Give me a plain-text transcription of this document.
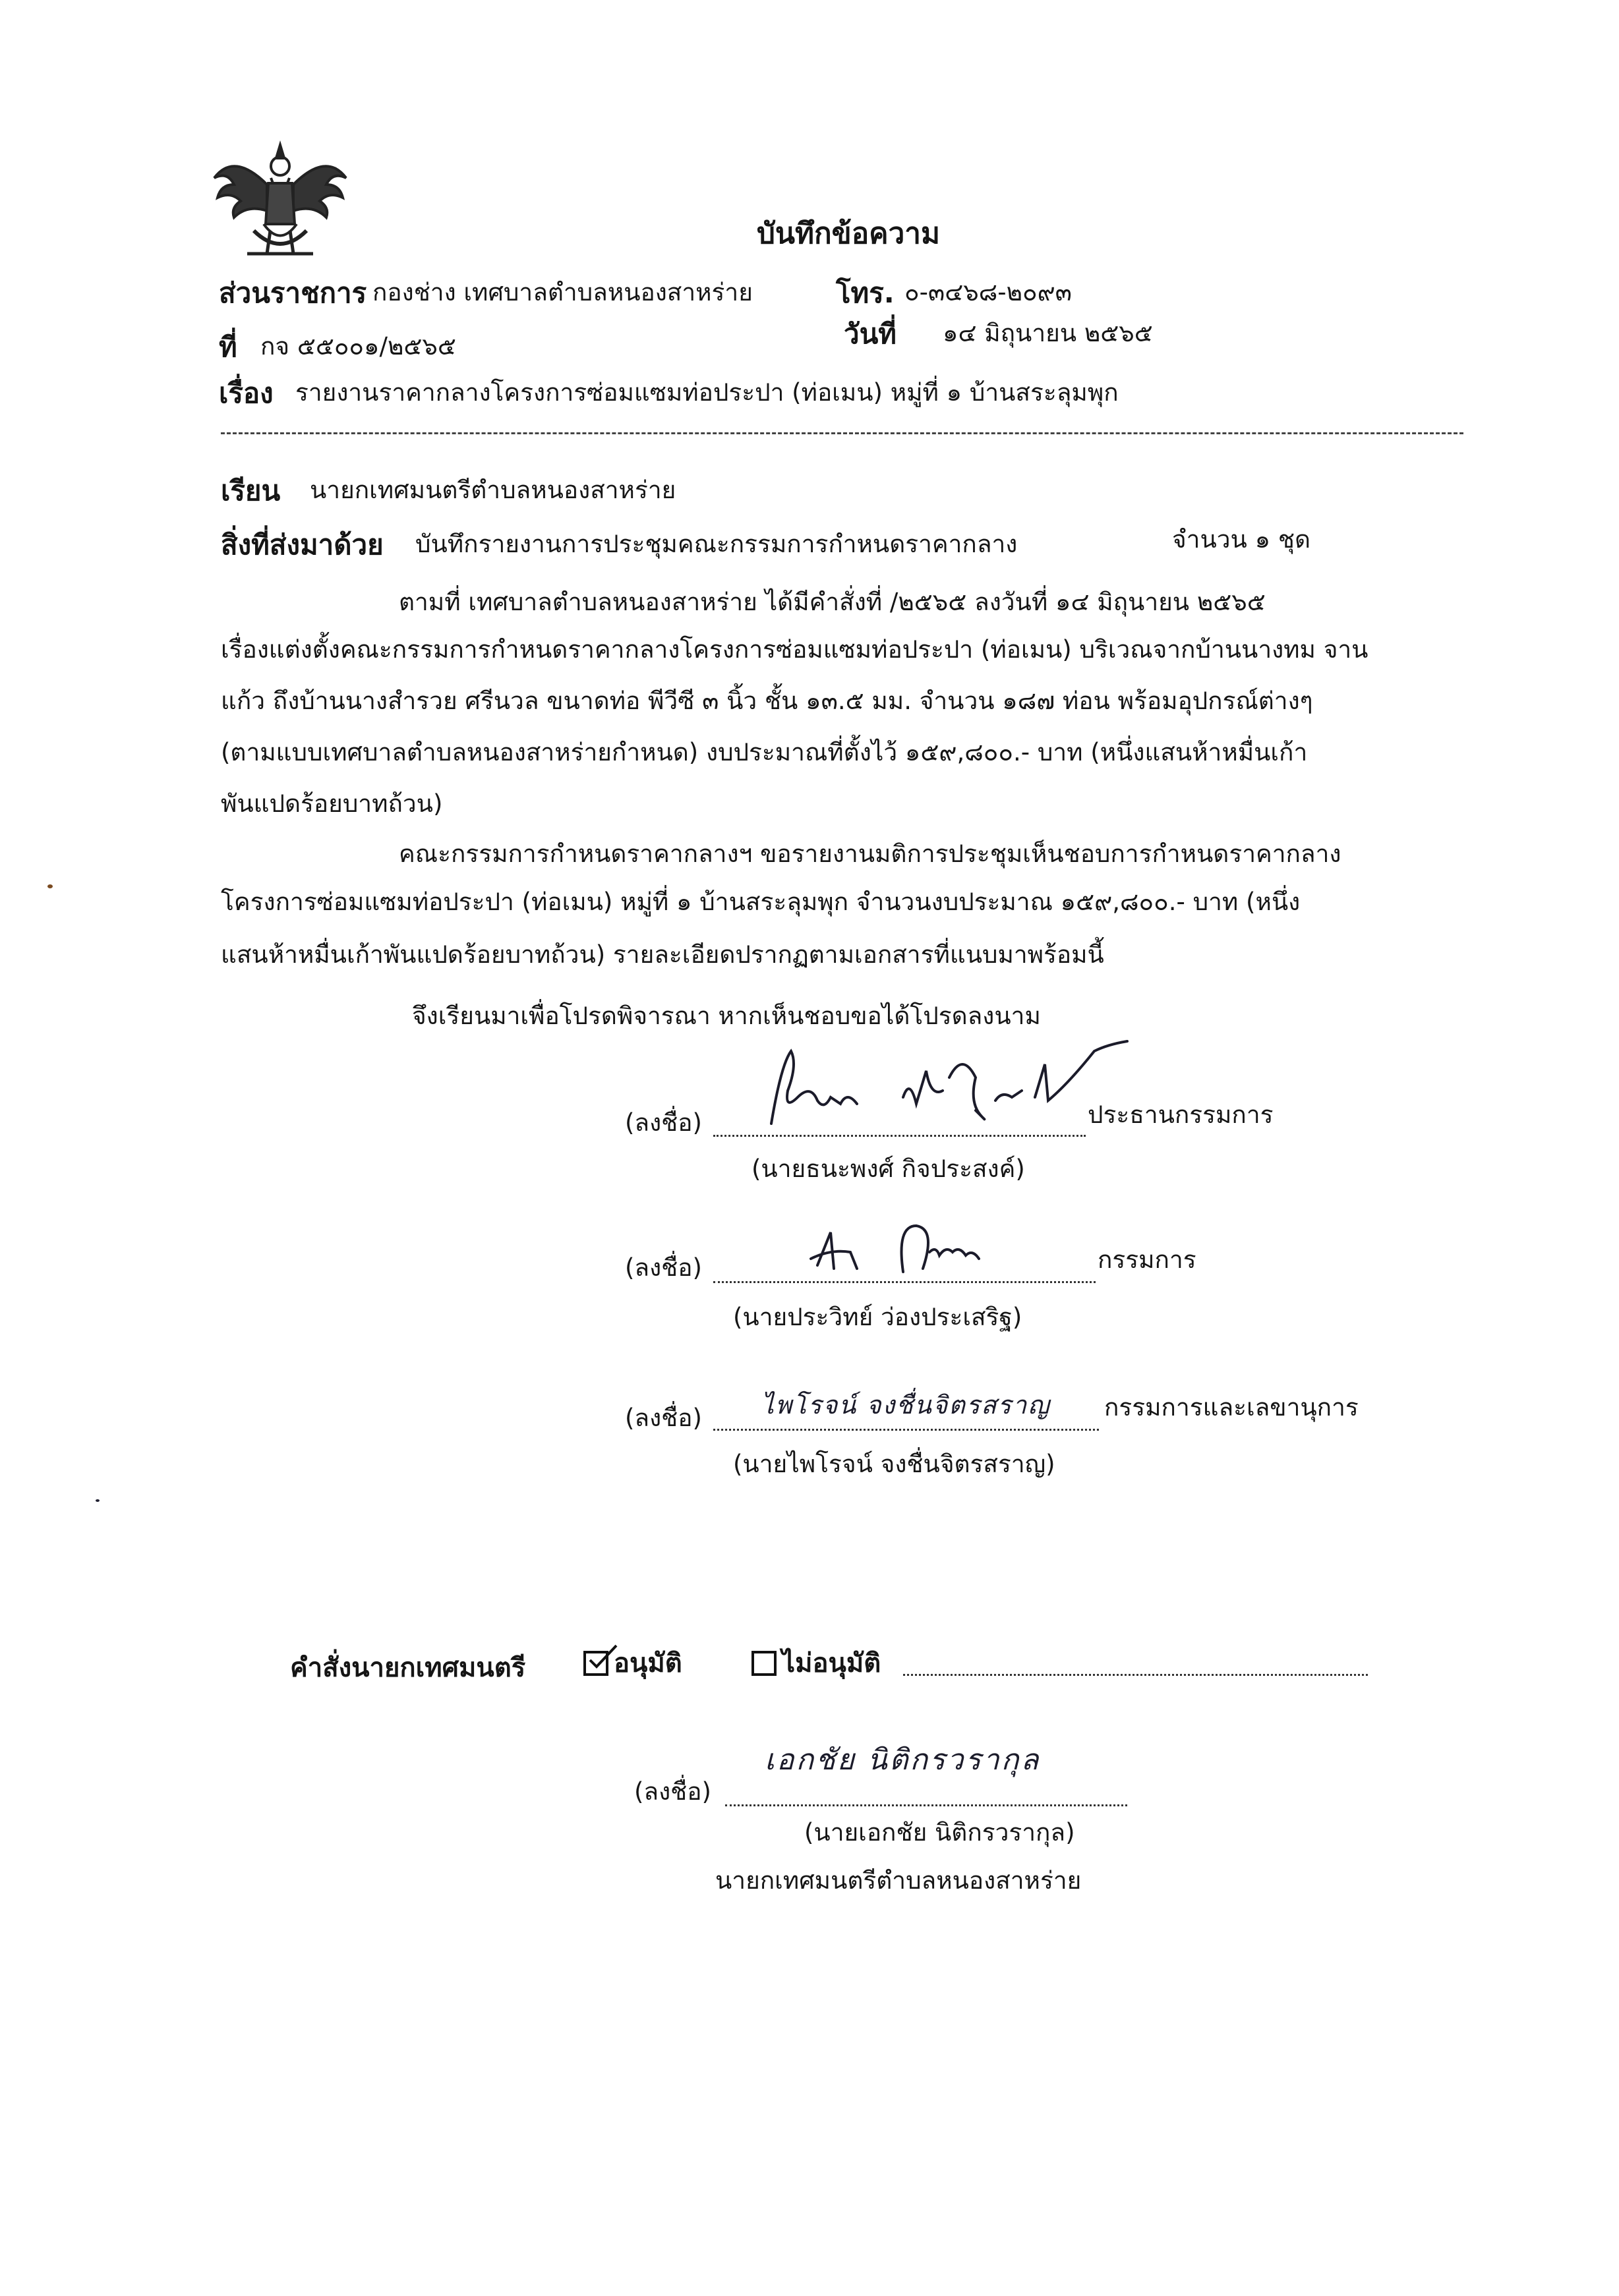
บันทึกข้อความ
ส่วนราชการ กองช่าง เทศบาลตำบลหนองสาหร่าย	โทร. ๐-๓๔๖๘-๒๐๙๓
ที่ กจ ๕๕๐๐๑/๒๕๖๕	วันที่ ๑๔ มิถุนายน ๒๕๖๕
เรื่อง รายงานราคากลางโครงการซ่อมแซมท่อประปา (ท่อเมน) หมู่ที่ ๑ บ้านสระลุมพุก
เรียน นายกเทศมนตรีตำบลหนองสาหร่าย
สิ่งที่ส่งมาด้วย บันทึกรายงานการประชุมคณะกรรมการกำหนดราคากลาง	จำนวน ๑ ชุด
ตามที่ เทศบาลตำบลหนองสาหร่าย ได้มีคำสั่งที่ /๒๕๖๕ ลงวันที่ ๑๔ มิถุนายน ๒๕๖๕
เรื่องแต่งตั้งคณะกรรมการกำหนดราคากลางโครงการซ่อมแซมท่อประปา (ท่อเมน) บริเวณจากบ้านนางทม จาน
แก้ว ถึงบ้านนางสำรวย ศรีนวล ขนาดท่อ พีวีซี ๓ นิ้ว ชั้น ๑๓.๕ มม. จำนวน ๑๘๗ ท่อน พร้อมอุปกรณ์ต่างๆ
(ตามแบบเทศบาลตำบลหนองสาหร่ายกำหนด) งบประมาณที่ตั้งไว้ ๑๕๙,๘๐๐.- บาท (หนึ่งแสนห้าหมื่นเก้า
พันแปดร้อยบาทถ้วน)
คณะกรรมการกำหนดราคากลางฯ ขอรายงานมติการประชุมเห็นชอบการกำหนดราคากลาง
โครงการซ่อมแซมท่อประปา (ท่อเมน) หมู่ที่ ๑ บ้านสระลุมพุก จำนวนงบประมาณ ๑๕๙,๘๐๐.- บาท (หนึ่ง
แสนห้าหมื่นเก้าพันแปดร้อยบาทถ้วน) รายละเอียดปรากฏตามเอกสารที่แนบมาพร้อมนี้
จึงเรียนมาเพื่อโปรดพิจารณา หากเห็นชอบขอได้โปรดลงนาม
(ลงชื่อ)	ประธานกรรมการ
(นายธนะพงศ์ กิจประสงค์)
(ลงชื่อ)	กรรมการ
(นายประวิทย์ ว่องประเสริฐ)
(ลงชื่อ) ไพโรจน์ จงชื่นจิตรสราญ กรรมการและเลขานุการ
(นายไพโรจน์ จงชื่นจิตรสราญ)
คำสั่งนายกเทศมนตรี	อนุมัติ	ไม่อนุมัติ
(ลงชื่อ)
เอกชัย นิติกรวรากุล
(นายเอกชัย นิติกรวรากุล)
นายกเทศมนตรีตำบลหนองสาหร่าย
